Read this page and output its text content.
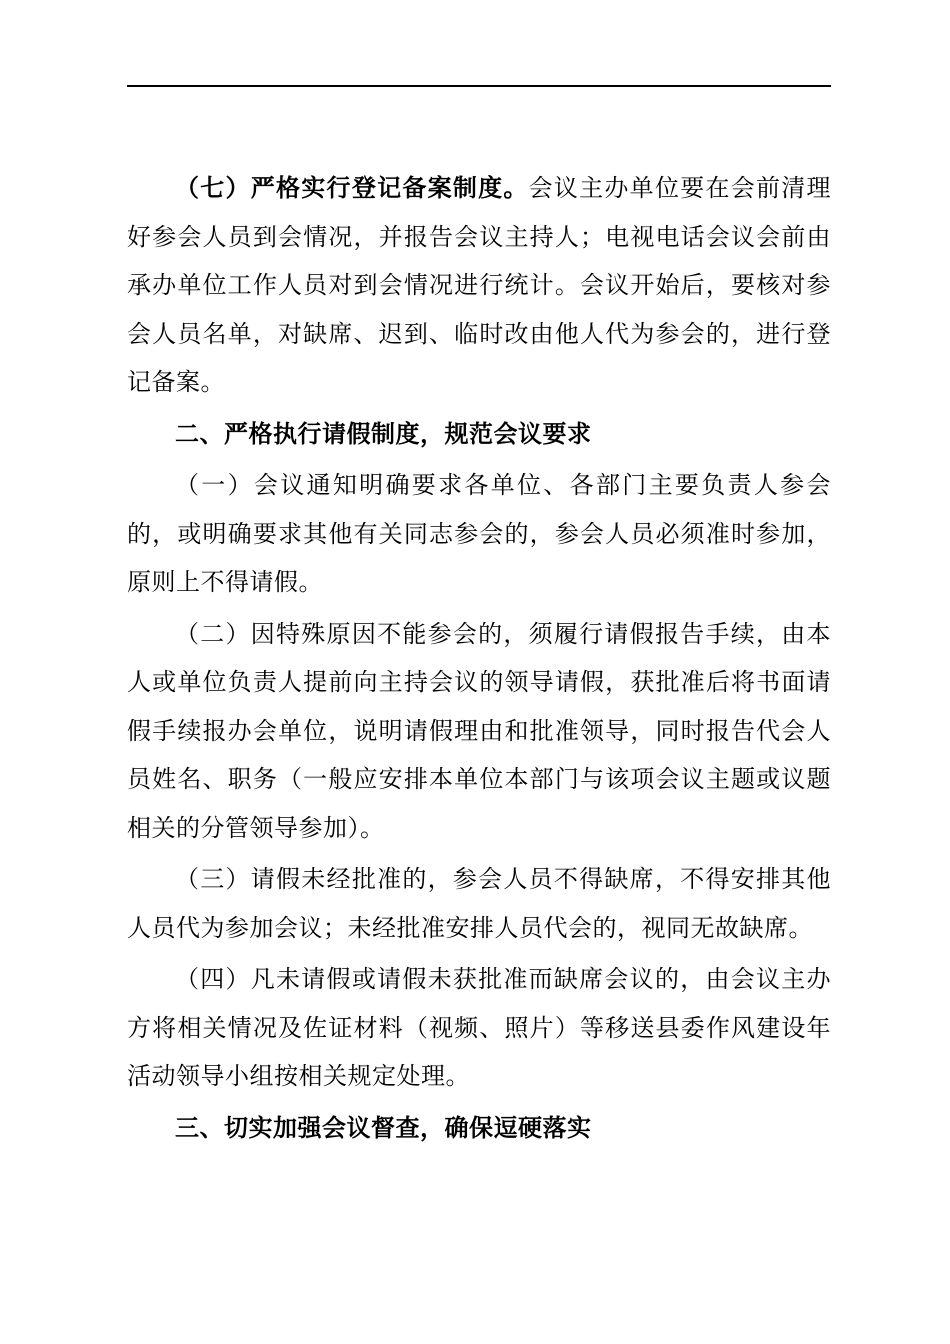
（七）严格实行登记备案制度。会议主办单位要在会前清理好参会人员到会情况，并报告会议主持人；电视电话会议会前由承办单位工作人员对到会情况进行统计。会议开始后，要核对参会人员名单，对缺席、迟到、临时改由他人代为参会的，进行登记备案。

二、严格执行请假制度，规范会议要求

（一）会议通知明确要求各单位、各部门主要负责人参会的，或明确要求其他有关同志参会的，参会人员必须准时参加，原则上不得请假。

（二）因特殊原因不能参会的，须履行请假报告手续，由本人或单位负责人提前向主持会议的领导请假，获批准后将书面请假手续报办会单位，说明请假理由和批准领导，同时报告代会人员姓名、职务（一般应安排本单位本部门与该项会议主题或议题相关的分管领导参加）。

（三）请假未经批准的，参会人员不得缺席，不得安排其他人员代为参加会议；未经批准安排人员代会的，视同无故缺席。

（四）凡未请假或请假未获批准而缺席会议的，由会议主办方将相关情况及佐证材料（视频、照片）等移送县委作风建设年活动领导小组按相关规定处理。

三、切实加强会议督查，确保逗硬落实
